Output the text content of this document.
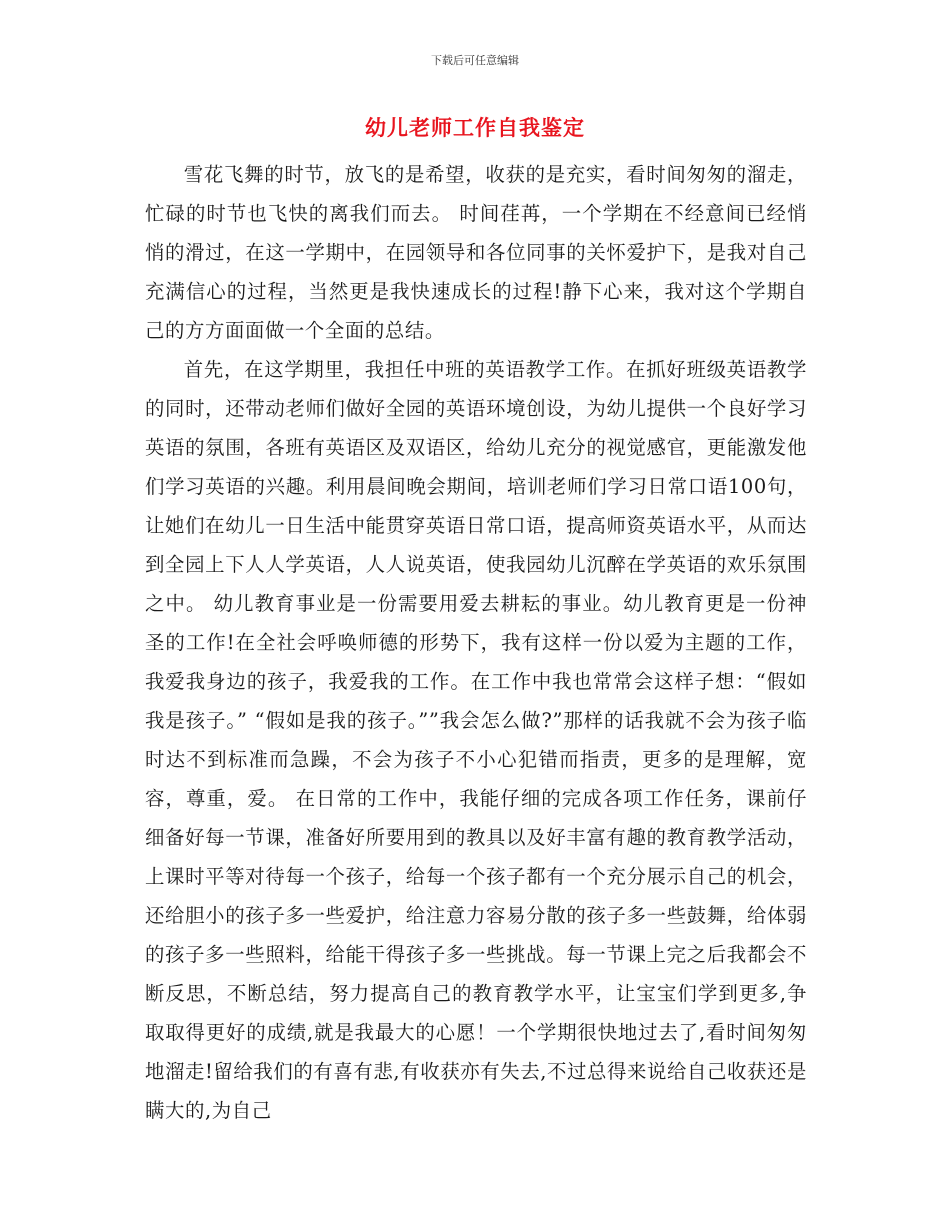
下载后可任意编辑
幼儿老师工作自我鉴定

雪花飞舞的时节，放飞的是希望，收获的是充实，看时间匆匆的溜走，忙碌的时节也飞快的离我们而去。 时间荏苒，一个学期在不经意间已经悄悄的滑过，在这一学期中，在园领导和各位同事的关怀爱护下，是我对自己充满信心的过程，当然更是我快速成长的过程!静下心来，我对这个学期自己的方方面面做一个全面的总结。

首先，在这学期里，我担任中班的英语教学工作。在抓好班级英语教学的同时，还带动老师们做好全园的英语环境创设，为幼儿提供一个良好学习英语的氛围，各班有英语区及双语区，给幼儿充分的视觉感官，更能激发他们学习英语的兴趣。利用晨间晚会期间，培训老师们学习日常口语100句，让她们在幼儿一日生活中能贯穿英语日常口语，提高师资英语水平，从而达到全园上下人人学英语，人人说英语，使我园幼儿沉醉在学英语的欢乐氛围之中。 幼儿教育事业是一份需要用爱去耕耘的事业。幼儿教育更是一份神圣的工作!在全社会呼唤师德的形势下，我有这样一份以爱为主题的工作，我爱我身边的孩子，我爱我的工作。在工作中我也常常会这样子想：“假如我是孩子。” “假如是我的孩子。””我会怎么做?”那样的话我就不会为孩子临时达不到标准而急躁，不会为孩子不小心犯错而指责，更多的是理解，宽容，尊重，爱。 在日常的工作中，我能仔细的完成各项工作任务，课前仔细备好每一节课，准备好所要用到的教具以及好丰富有趣的教育教学活动，上课时平等对待每一个孩子，给每一个孩子都有一个充分展示自己的机会，还给胆小的孩子多一些爱护，给注意力容易分散的孩子多一些鼓舞，给体弱的孩子多一些照料，给能干得孩子多一些挑战。每一节课上完之后我都会不断反思，不断总结，努力提高自己的教育教学水平，让宝宝们学到更多,争取取得更好的成绩,就是我最大的心愿！一个学期很快地过去了,看时间匆匆地溜走!留给我们的有喜有悲,有收获亦有失去,不过总得来说给自己收获还是瞒大的,为自己
